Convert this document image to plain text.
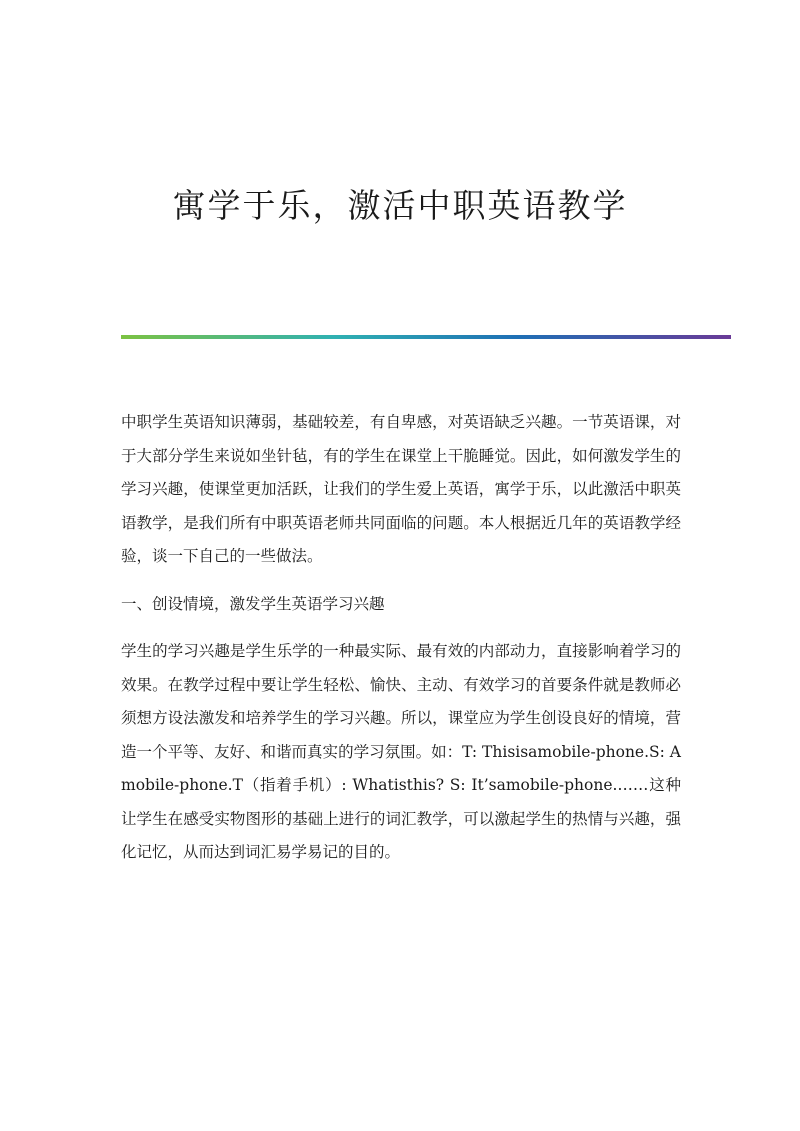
寓学于乐，激活中职英语教学

中职学生英语知识薄弱，基础较差，有自卑感，对英语缺乏兴趣。一节英语课，对于大部分学生来说如坐针毡，有的学生在课堂上干脆睡觉。因此，如何激发学生的学习兴趣，使课堂更加活跃，让我们的学生爱上英语，寓学于乐，以此激活中职英语教学，是我们所有中职英语老师共同面临的问题。本人根据近几年的英语教学经验，谈一下自己的一些做法。

一、创设情境，激发学生英语学习兴趣

学生的学习兴趣是学生乐学的一种最实际、最有效的内部动力，直接影响着学习的效果。在教学过程中要让学生轻松、愉快、主动、有效学习的首要条件就是教师必须想方设法激发和培养学生的学习兴趣。所以，课堂应为学生创设良好的情境，营造一个平等、友好、和谐而真实的学习氛围。如：T: Thisisamobile-phone.S: Amobile-phone.T（指着手机）: Whatisthis? S: It’samobile-phone.……这种让学生在感受实物图形的基础上进行的词汇教学，可以激起学生的热情与兴趣，强化记忆，从而达到词汇易学易记的目的。
